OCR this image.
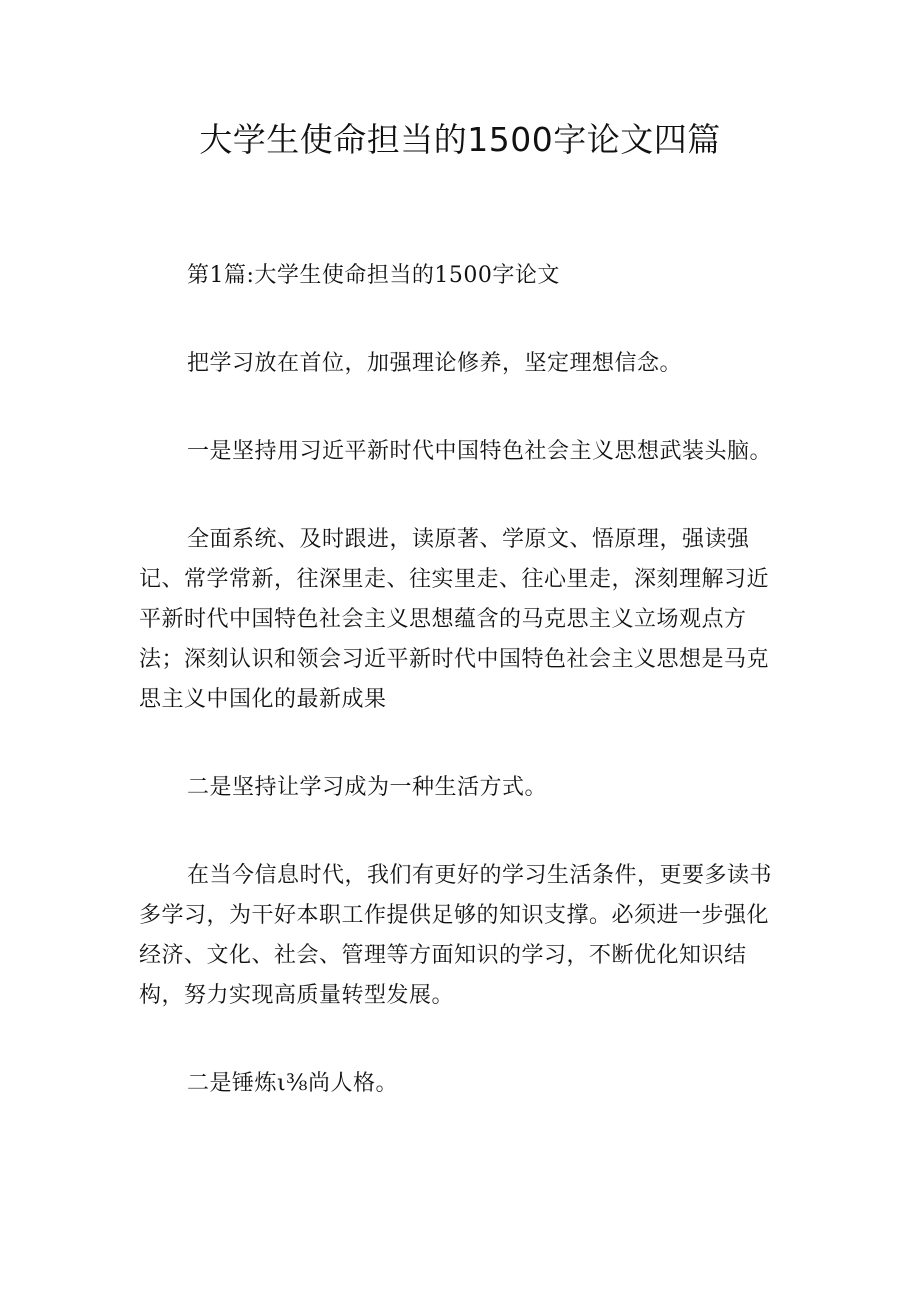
大学生使命担当的1500字论文四篇

第1篇:大学生使命担当的1500字论文

把学习放在首位，加强理论修养，坚定理想信念。

一是坚持用习近平新时代中国特色社会主义思想武装头脑。

全面系统、及时跟进，读原著、学原文、悟原理，强读强记、常学常新，往深里走、往实里走、往心里走，深刻理解习近平新时代中国特色社会主义思想蕴含的马克思主义立场观点方法；深刻认识和领会习近平新时代中国特色社会主义思想是马克思主义中国化的最新成果

二是坚持让学习成为一种生活方式。

在当今信息时代，我们有更好的学习生活条件，更要多读书多学习，为干好本职工作提供足够的知识支撑。必须进一步强化经济、文化、社会、管理等方面知识的学习，不断优化知识结构，努力实现高质量转型发展。

二是锤炼ι⅜尚人格。
